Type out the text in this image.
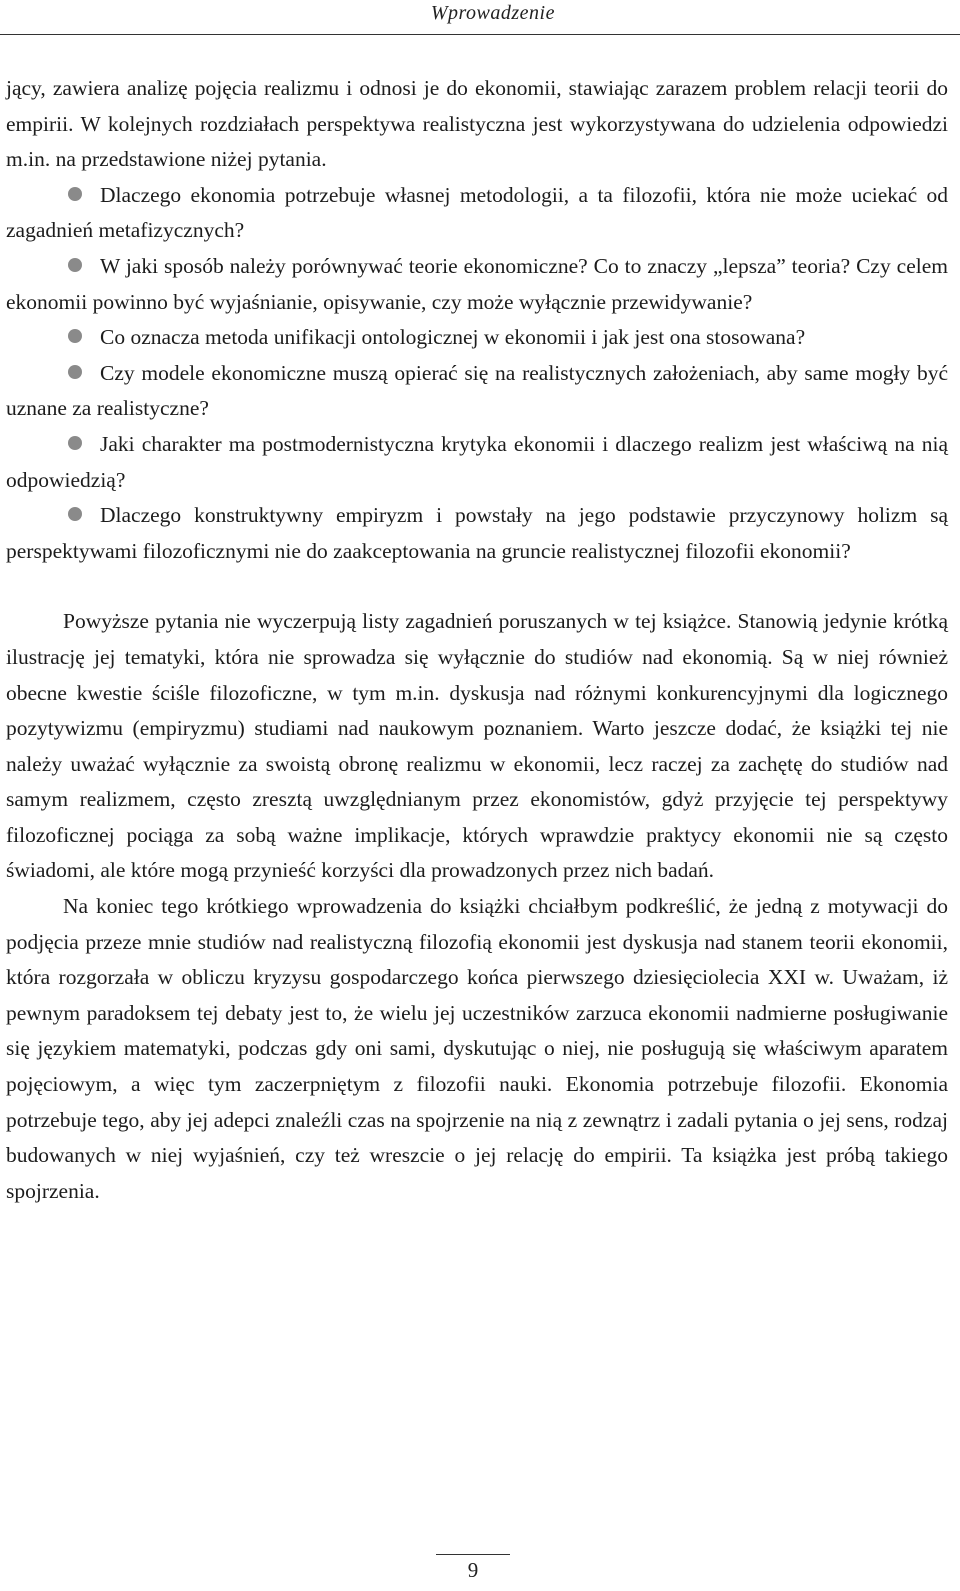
Wprowadzenie

jący, zawiera analizę pojęcia realizmu i odnosi je do ekonomii, stawiając zarazem problem relacji teorii do empirii. W kolejnych rozdziałach perspektywa realistyczna jest wykorzystywana do udzielenia odpowiedzi m.in. na przedstawione niżej pytania.

Dlaczego ekonomia potrzebuje własnej metodologii, a ta filozofii, która nie może uciekać od zagadnień metafizycznych?

W jaki sposób należy porównywać teorie ekonomiczne? Co to znaczy „lepsza” teoria? Czy celem ekonomii powinno być wyjaśnianie, opisywanie, czy może wyłącznie przewidywanie?

Co oznacza metoda unifikacji ontologicznej w ekonomii i jak jest ona stosowana?

Czy modele ekonomiczne muszą opierać się na realistycznych założeniach, aby same mogły być uznane za realistyczne?

Jaki charakter ma postmodernistyczna krytyka ekonomii i dlaczego realizm jest właściwą na nią odpowiedzią?

Dlaczego konstruktywny empiryzm i powstały na jego podstawie przyczynowy holizm są perspektywami filozoficznymi nie do zaakceptowania na gruncie realistycznej filozofii ekonomii?

Powyższe pytania nie wyczerpują listy zagadnień poruszanych w tej książce. Stanowią jedynie krótką ilustrację jej tematyki, która nie sprowadza się wyłącznie do studiów nad ekonomią. Są w niej również obecne kwestie ściśle filozoficzne, w tym m.in. dyskusja nad różnymi konkurencyjnymi dla logicznego pozytywizmu (empiryzmu) studiami nad naukowym poznaniem. Warto jeszcze dodać, że książki tej nie należy uważać wyłącznie za swoistą obronę realizmu w ekonomii, lecz raczej za zachętę do studiów nad samym realizmem, często zresztą uwzględnianym przez ekonomistów, gdyż przyjęcie tej perspektywy filozoficznej pociąga za sobą ważne implikacje, których wprawdzie praktycy ekonomii nie są często świadomi, ale które mogą przynieść korzyści dla prowadzonych przez nich badań.

Na koniec tego krótkiego wprowadzenia do książki chciałbym podkreślić, że jedną z motywacji do podjęcia przeze mnie studiów nad realistyczną filozofią ekonomii jest dyskusja nad stanem teorii ekonomii, która rozgorzała w obliczu kryzysu gospodarczego końca pierwszego dziesięciolecia XXI w. Uważam, iż pewnym paradoksem tej debaty jest to, że wielu jej uczestników zarzuca ekonomii nadmierne posługiwanie się językiem matematyki, podczas gdy oni sami, dyskutując o niej, nie posługują się właściwym aparatem pojęciowym, a więc tym zaczerpniętym z filozofii nauki. Ekonomia potrzebuje filozofii. Ekonomia potrzebuje tego, aby jej adepci znaleźli czas na spojrzenie na nią z zewnątrz i zadali pytania o jej sens, rodzaj budowanych w niej wyjaśnień, czy też wreszcie o jej relację do empirii. Ta książka jest próbą takiego spojrzenia.

9
